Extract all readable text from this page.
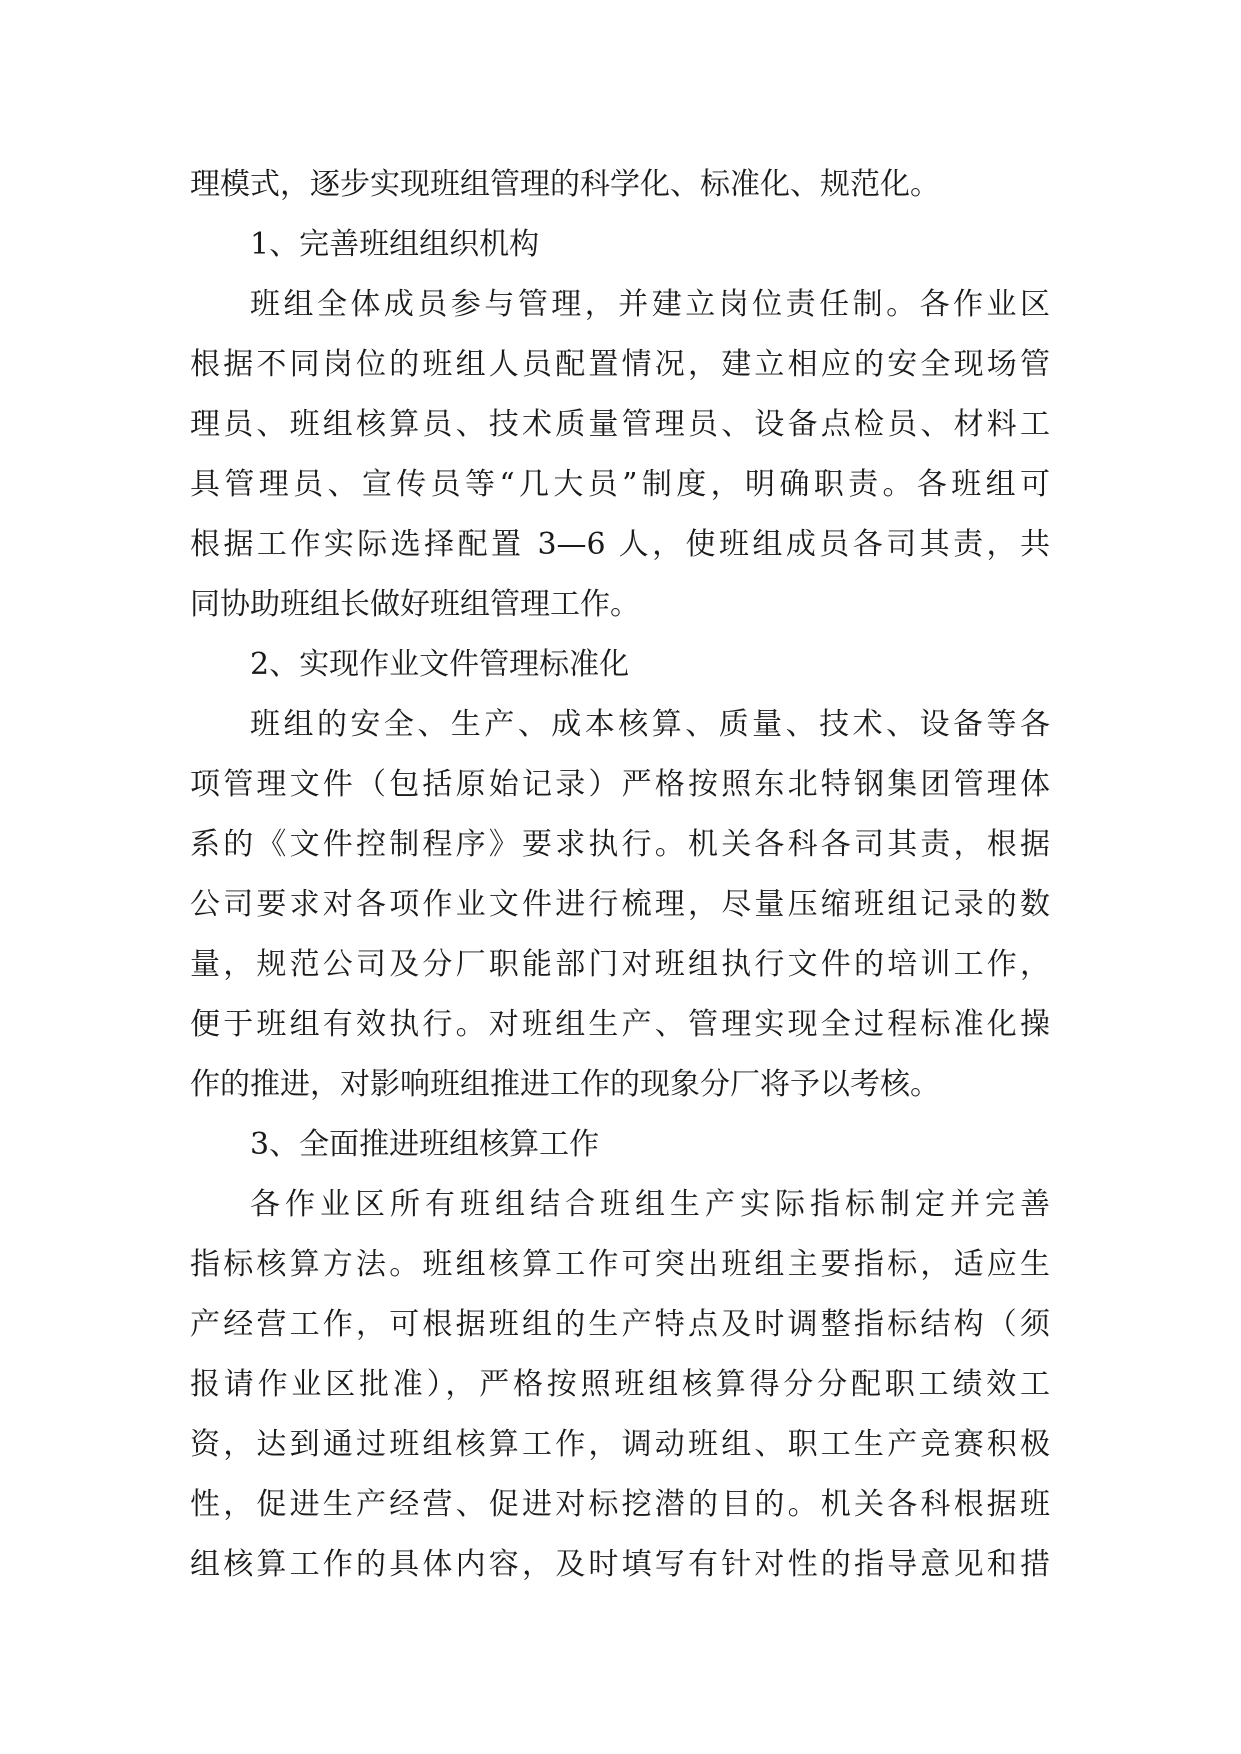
理模式，逐步实现班组管理的科学化、标准化、规范化。
1、完善班组组织机构
班组全体成员参与管理，并建立岗位责任制。各作业区
根据不同岗位的班组人员配置情况，建立相应的安全现场管
理员、班组核算员、技术质量管理员、设备点检员、材料工
具管理员、宣传员等“几大员”制度，明确职责。各班组可
根据工作实际选择配置 3—6 人，使班组成员各司其责，共
同协助班组长做好班组管理工作。
2、实现作业文件管理标准化
班组的安全、生产、成本核算、质量、技术、设备等各
项管理文件（包括原始记录）严格按照东北特钢集团管理体
系的《文件控制程序》要求执行。机关各科各司其责，根据
公司要求对各项作业文件进行梳理，尽量压缩班组记录的数
量，规范公司及分厂职能部门对班组执行文件的培训工作，
便于班组有效执行。对班组生产、管理实现全过程标准化操
作的推进，对影响班组推进工作的现象分厂将予以考核。
3、全面推进班组核算工作
各作业区所有班组结合班组生产实际指标制定并完善
指标核算方法。班组核算工作可突出班组主要指标，适应生
产经营工作，可根据班组的生产特点及时调整指标结构（须
报请作业区批准），严格按照班组核算得分分配职工绩效工
资，达到通过班组核算工作，调动班组、职工生产竞赛积极
性，促进生产经营、促进对标挖潜的目的。机关各科根据班
组核算工作的具体内容，及时填写有针对性的指导意见和措
